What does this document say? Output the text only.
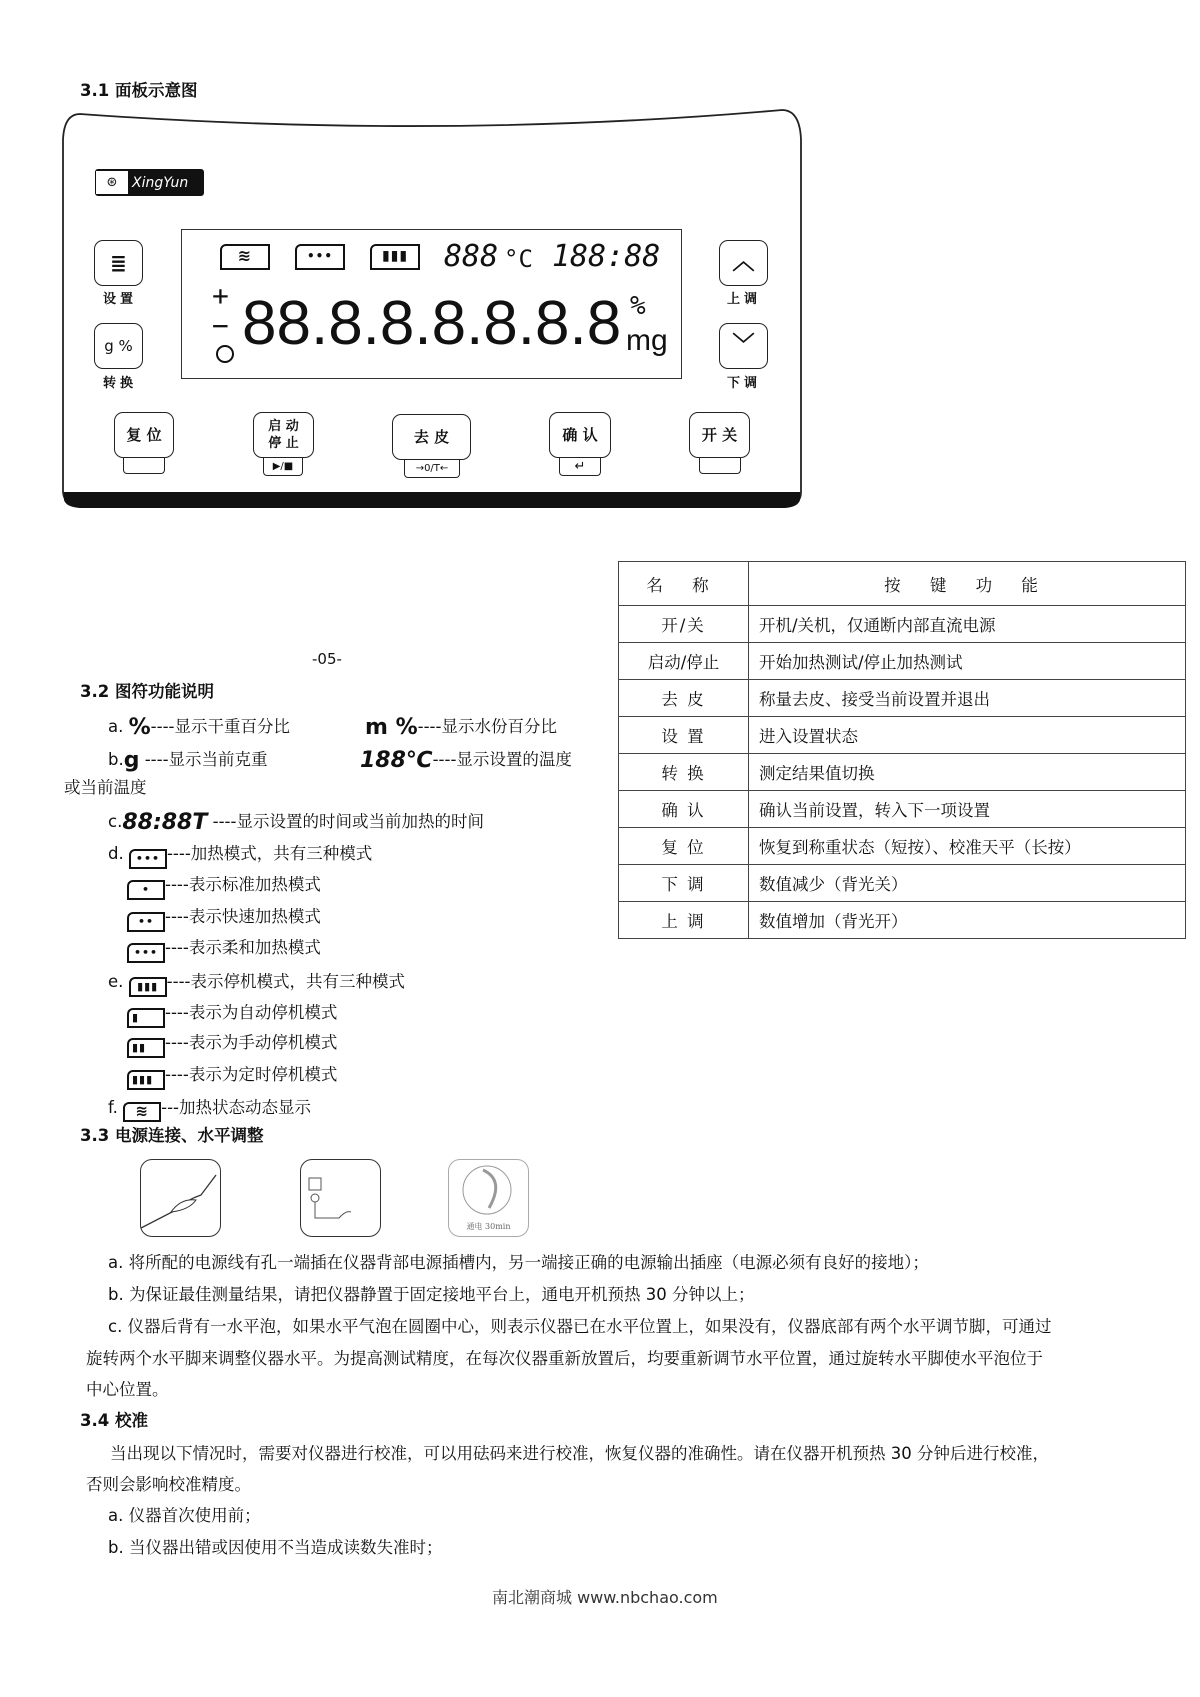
3.1 面板示意图
⊛	XingYun
≋	•••	▮▮▮	888 °C 188:88
+
− 88.8.8.8.8.8.8 %
mg
≣
设置
g %
转换
︿
上调
﹀
下调
复 位
▶/■
启 动
停 止
→0/T←
去 皮
↵
确 认	开 关
名 称	按 键 功 能
开/关	开机/关机，仅通断内部直流电源
启动/停止	开始加热测试/停止加热测试
去 皮	称量去皮、接受当前设置并退出
设 置	进入设置状态
转 换	测定结果值切换
确 认	确认当前设置，转入下一项设置
复 位	恢复到称重状态（短按）、校准天平（长按）
下 调	数值减少（背光关）
上 调	数值增加（背光开）
-05-
3.2 图符功能说明
a. %----显示干重百分比	m %----显示水份百分比
b.g ----显示当前克重	188℃----显示设置的温度
或当前温度
c.88:88T ----显示设置的时间或当前加热的时间
d. ••• ----加热模式，共有三种模式
• ----表示标准加热模式
•• ----表示快速加热模式
••• ----表示柔和加热模式
e. ▮▮▮ ----表示停机模式，共有三种模式
▮ ----表示为自动停机模式
▮▮ ----表示为手动停机模式
▮▮▮ ----表示为定时停机模式
f. ≋ ---加热状态动态显示
3.3 电源连接、水平调整
通电 30min
a. 将所配的电源线有孔一端插在仪器背部电源插槽内，另一端接正确的电源输出插座（电源必须有良好的接地）；
b. 为保证最佳测量结果，请把仪器静置于固定接地平台上，通电开机预热 30 分钟以上；
c. 仪器后背有一水平泡，如果水平气泡在圆圈中心，则表示仪器已在水平位置上，如果没有，仪器底部有两个水平调节脚，可通过
旋转两个水平脚来调整仪器水平。为提高测试精度，在每次仪器重新放置后，均要重新调节水平位置，通过旋转水平脚使水平泡位于
中心位置。
3.4 校准
当出现以下情况时，需要对仪器进行校准，可以用砝码来进行校准，恢复仪器的准确性。请在仪器开机预热 30 分钟后进行校准，
否则会影响校准精度。
a. 仪器首次使用前；
b. 当仪器出错或因使用不当造成读数失准时；
南北潮商城 www.nbchao.com
